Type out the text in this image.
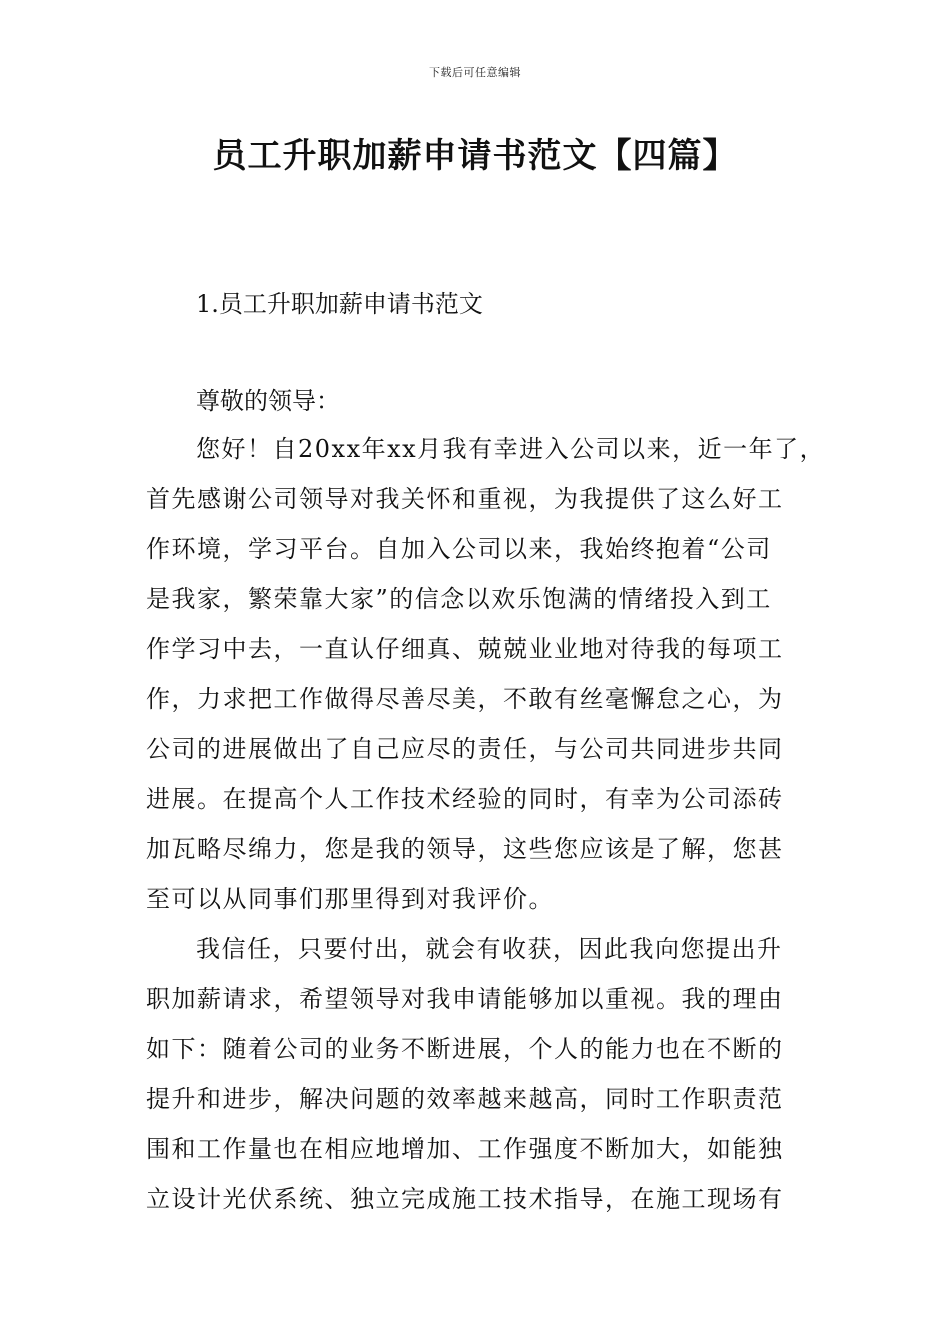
下载后可任意编辑
员工升职加薪申请书范文【四篇】
1.员工升职加薪申请书范文
尊敬的领导：
您好！自20xx年xx月我有幸进入公司以来，近一年了，
首先感谢公司领导对我关怀和重视，为我提供了这么好工
作环境，学习平台。自加入公司以来，我始终抱着“公司
是我家，繁荣靠大家”的信念以欢乐饱满的情绪投入到工
作学习中去，一直认仔细真、兢兢业业地对待我的每项工
作，力求把工作做得尽善尽美，不敢有丝毫懈怠之心，为
公司的进展做出了自己应尽的责任，与公司共同进步共同
进展。在提高个人工作技术经验的同时，有幸为公司添砖
加瓦略尽绵力，您是我的领导，这些您应该是了解，您甚
至可以从同事们那里得到对我评价。
我信任，只要付出，就会有收获，因此我向您提出升
职加薪请求，希望领导对我申请能够加以重视。我的理由
如下：随着公司的业务不断进展，个人的能力也在不断的
提升和进步，解决问题的效率越来越高，同时工作职责范
围和工作量也在相应地增加、工作强度不断加大，如能独
立设计光伏系统、独立完成施工技术指导，在施工现场有
